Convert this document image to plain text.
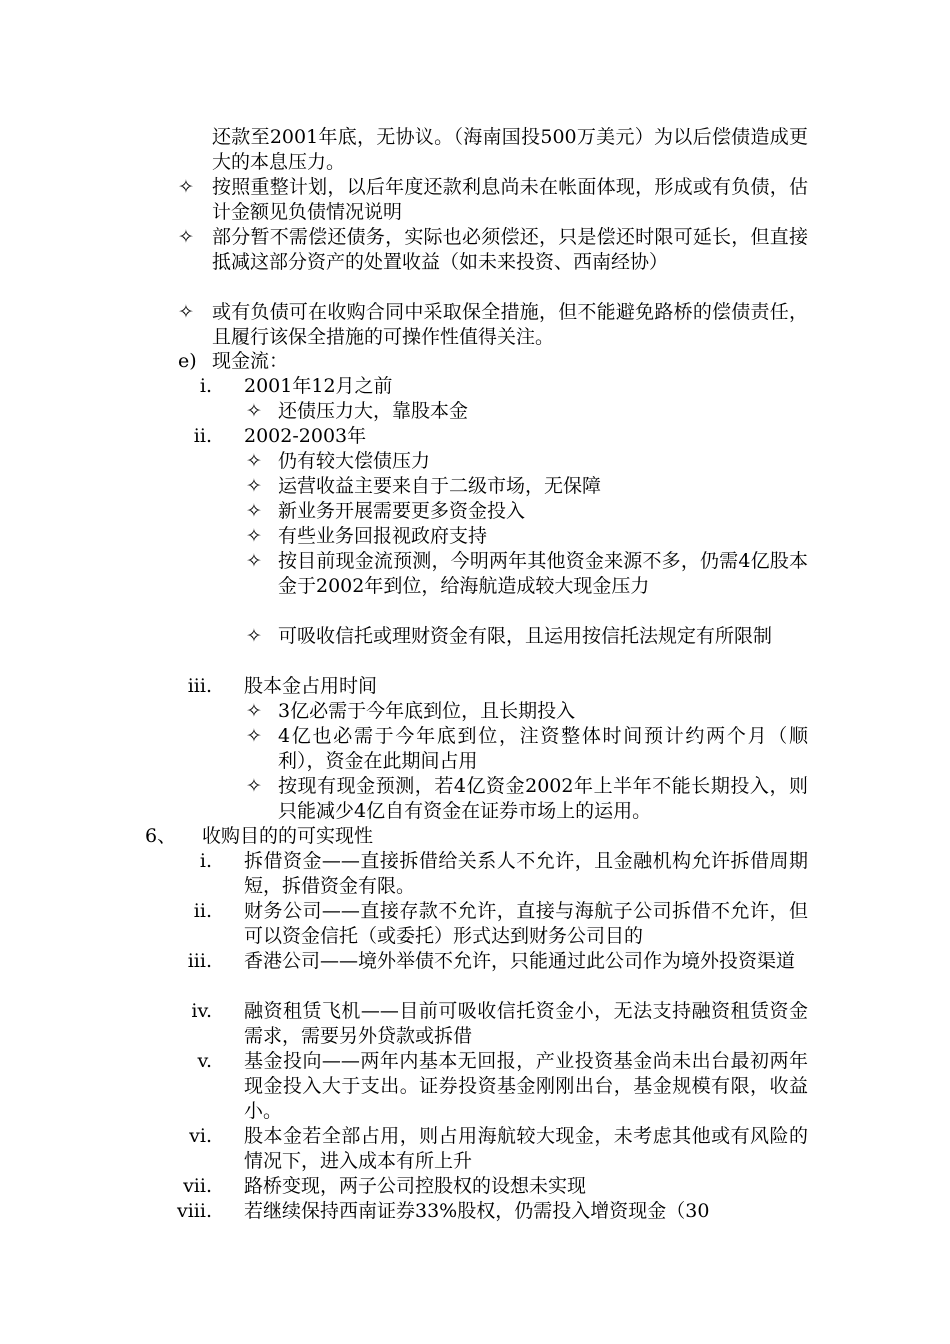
还款至2001年底，无协议。（海南国投500万美元）为以后偿债造成更大的本息压力。
✧ 按照重整计划，以后年度还款利息尚未在帐面体现，形成或有负债，估计金额见负债情况说明
✧ 部分暂不需偿还债务，实际也必须偿还，只是偿还时限可延长，但直接抵减这部分资产的处置收益（如未来投资、西南经协）
✧ 或有负债可在收购合同中采取保全措施，但不能避免路桥的偿债责任，且履行该保全措施的可操作性值得关注。
e) 现金流：
i. 2001年12月之前
✧ 还债压力大，靠股本金
ii. 2002-2003年
✧ 仍有较大偿债压力
✧ 运营收益主要来自于二级市场，无保障
✧ 新业务开展需要更多资金投入
✧ 有些业务回报视政府支持
✧ 按目前现金流预测，今明两年其他资金来源不多，仍需4亿股本金于2002年到位，给海航造成较大现金压力
✧ 可吸收信托或理财资金有限，且运用按信托法规定有所限制
iii. 股本金占用时间
✧ 3亿必需于今年底到位，且长期投入
✧ 4亿也必需于今年底到位，注资整体时间预计约两个月（顺利），资金在此期间占用
✧ 按现有现金预测，若4亿资金2002年上半年不能长期投入，则只能减少4亿自有资金在证券市场上的运用。
6、 收购目的的可实现性
i. 拆借资金——直接拆借给关系人不允许，且金融机构允许拆借周期短，拆借资金有限。
ii. 财务公司——直接存款不允许，直接与海航子公司拆借不允许，但可以资金信托（或委托）形式达到财务公司目的
iii. 香港公司——境外举债不允许，只能通过此公司作为境外投资渠道
iv. 融资租赁飞机——目前可吸收信托资金小，无法支持融资租赁资金需求，需要另外贷款或拆借
v. 基金投向——两年内基本无回报，产业投资基金尚未出台最初两年现金投入大于支出。证券投资基金刚刚出台，基金规模有限，收益小。
vi. 股本金若全部占用，则占用海航较大现金，未考虑其他或有风险的情况下，进入成本有所上升
vii. 路桥变现，两子公司控股权的设想未实现
viii. 若继续保持西南证券33%股权，仍需投入增资现金（30
